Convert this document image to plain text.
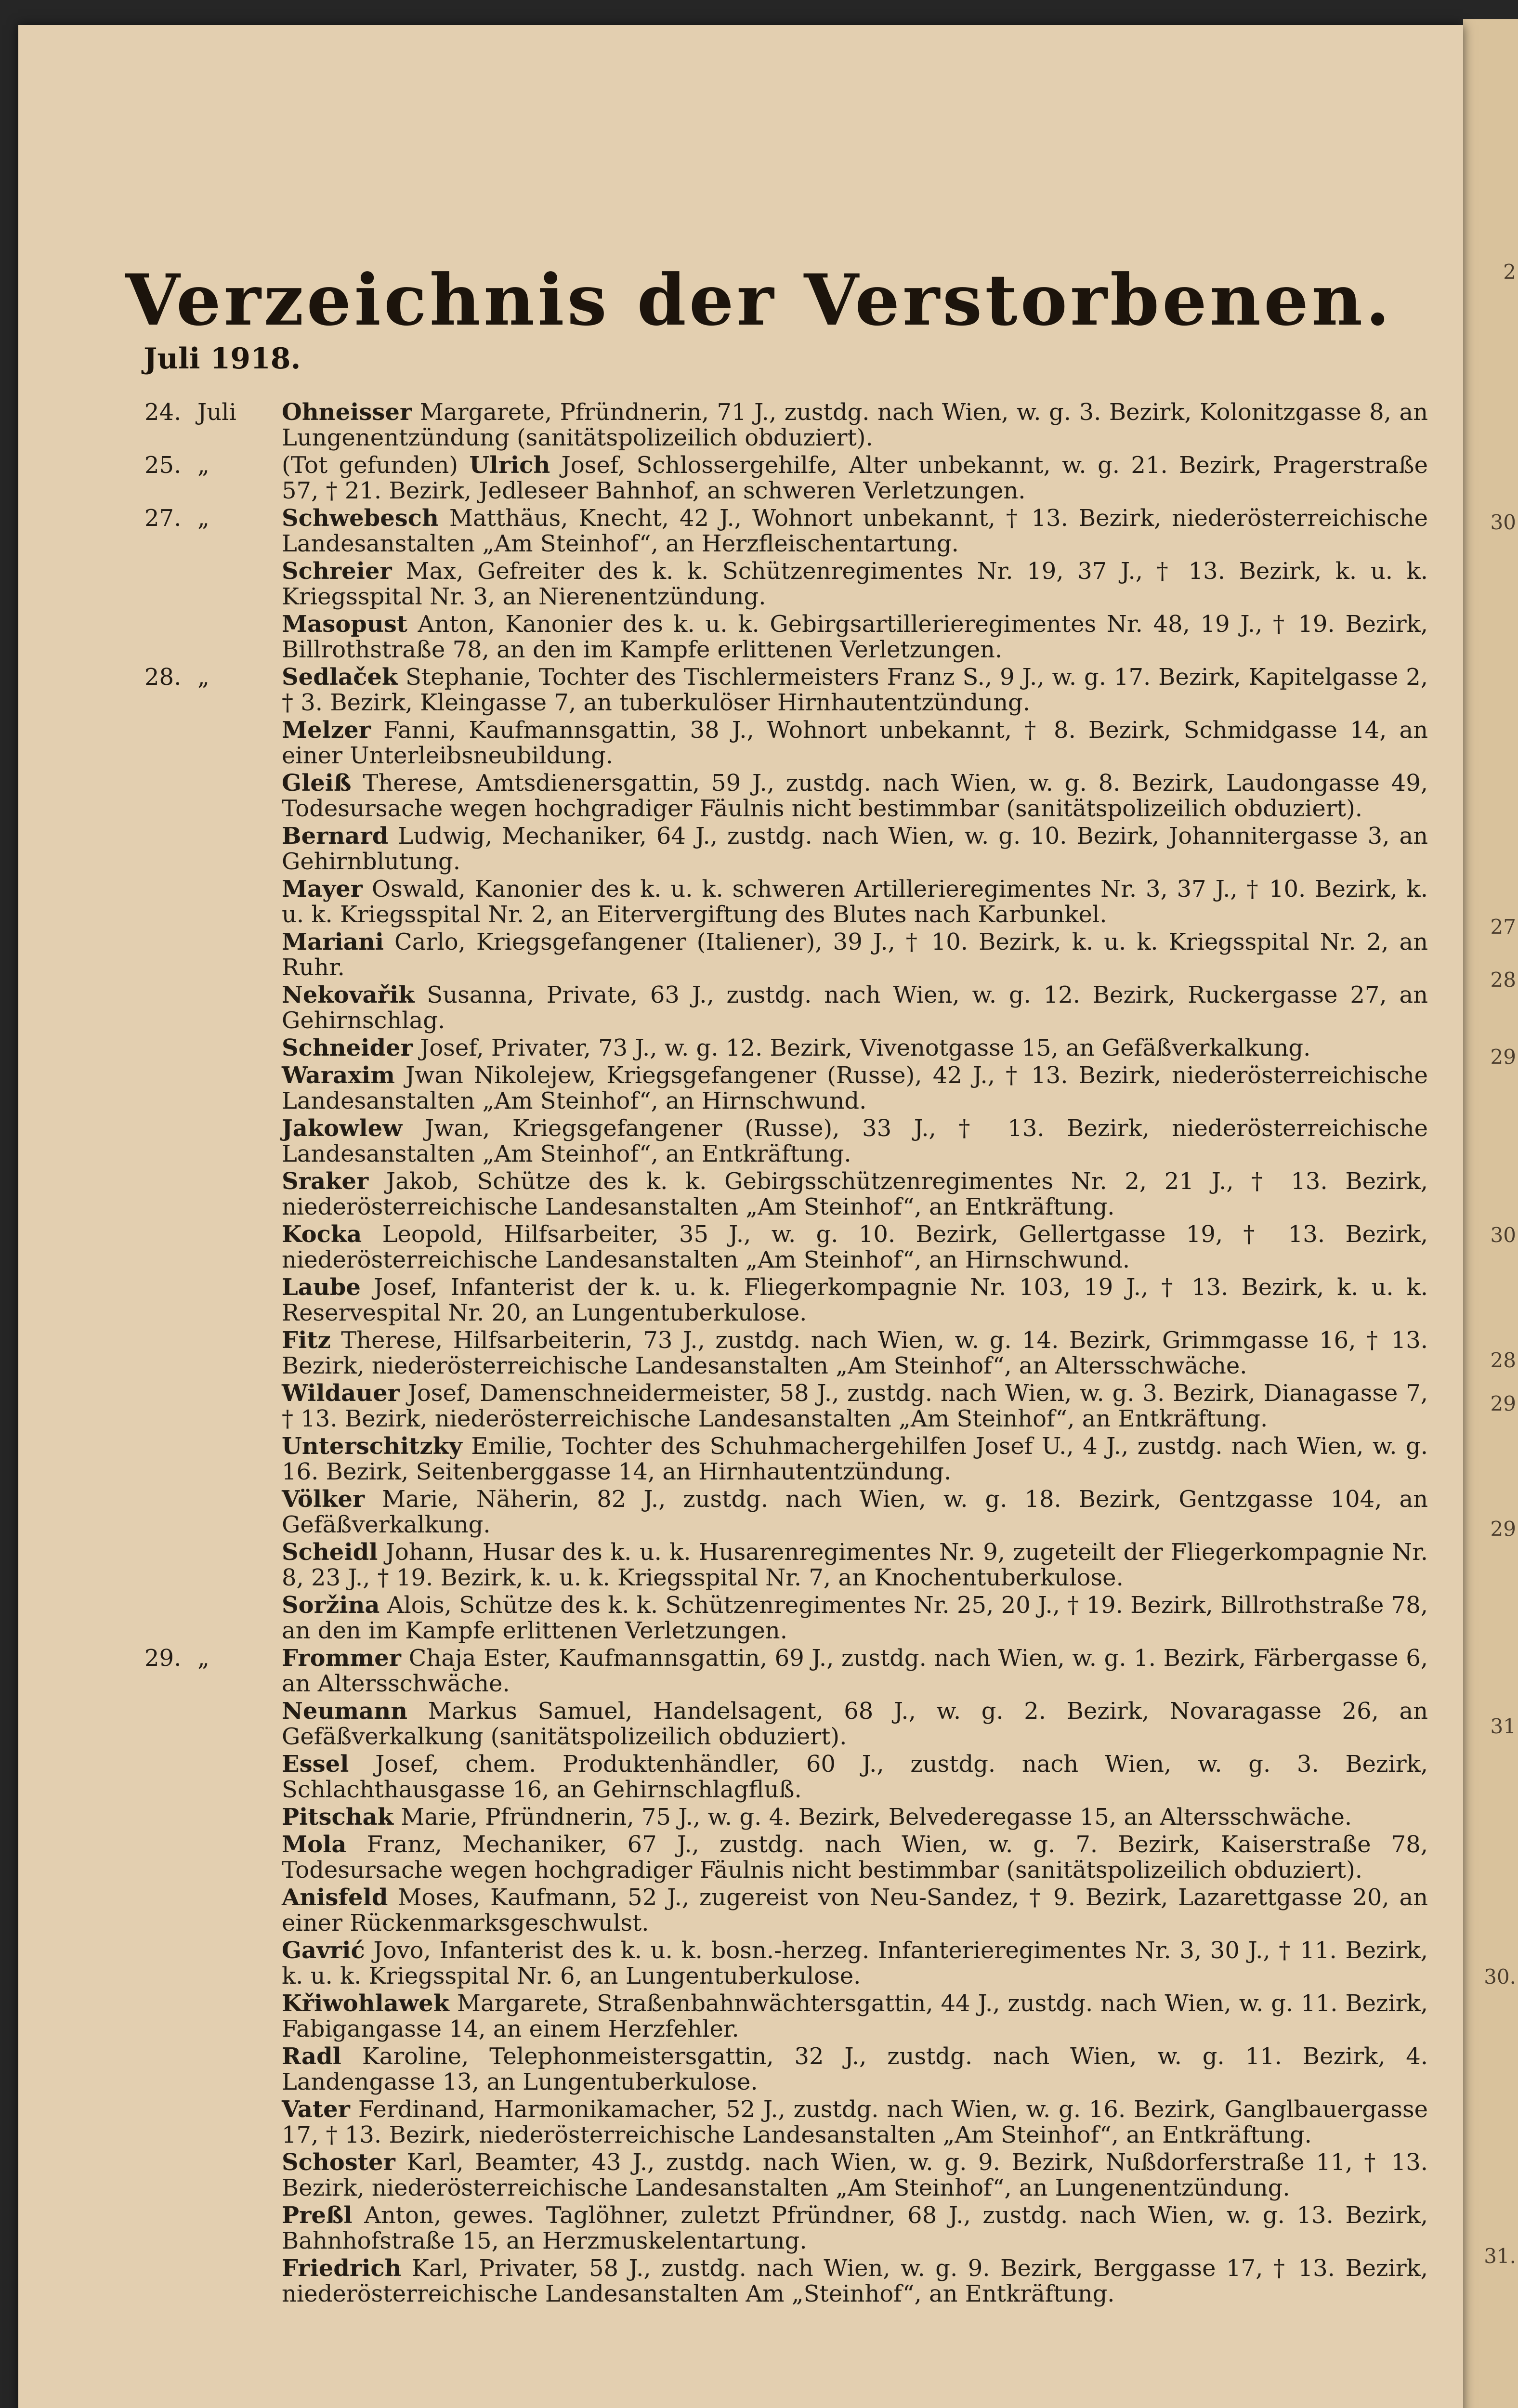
2
30
27
28
29
30
28
29
29
31
30.
31.
Verzeichnis der Verstorbenen.
Juli 1918.
24. Juli	Ohneisser Margarete, Pfründnerin, 71 J., zustdg. nach Wien, w. g. 3. Bezirk, Kolonitzgasse 8, an Lungenentzündung (sanitätspolizeilich obduziert).
25. „	(Tot gefunden) Ulrich Josef, Schlossergehilfe, Alter unbekannt, w. g. 21. Bezirk, Pragerstraße 57, † 21. Bezirk, Jedleseer Bahnhof, an schweren Verletzungen.
27. „	Schwebesch Matthäus, Knecht, 42 J., Wohnort unbekannt, † 13. Bezirk, niederösterreichische Landesanstalten „Am Steinhof“, an Herzfleischentartung.
Schreier Max, Gefreiter des k. k. Schützenregimentes Nr. 19, 37 J., † 13. Bezirk, k. u. k. Kriegsspital Nr. 3, an Nierenentzündung.
Masopust Anton, Kanonier des k. u. k. Gebirgsartillerieregimentes Nr. 48, 19 J., † 19. Bezirk, Billrothstraße 78, an den im Kampfe erlittenen Verletzungen.
28. „	Sedlaček Stephanie, Tochter des Tischlermeisters Franz S., 9 J., w. g. 17. Bezirk, Kapitelgasse 2, † 3. Bezirk, Kleingasse 7, an tuberkulöser Hirnhautentzündung.
Melzer Fanni, Kaufmannsgattin, 38 J., Wohnort unbekannt, † 8. Bezirk, Schmidgasse 14, an einer Unterleibsneubildung.
Gleiß Therese, Amtsdienersgattin, 59 J., zustdg. nach Wien, w. g. 8. Bezirk, Laudongasse 49, Todesursache wegen hochgradiger Fäulnis nicht bestimmbar (sanitätspolizeilich obduziert).
Bernard Ludwig, Mechaniker, 64 J., zustdg. nach Wien, w. g. 10. Bezirk, Johannitergasse 3, an Gehirnblutung.
Mayer Oswald, Kanonier des k. u. k. schweren Artillerieregimentes Nr. 3, 37 J., † 10. Bezirk, k. u. k. Kriegsspital Nr. 2, an Eitervergiftung des Blutes nach Karbunkel.
Mariani Carlo, Kriegsgefangener (Italiener), 39 J., † 10. Bezirk, k. u. k. Kriegsspital Nr. 2, an Ruhr.
Nekovařik Susanna, Private, 63 J., zustdg. nach Wien, w. g. 12. Bezirk, Ruckergasse 27, an Gehirnschlag.
Schneider Josef, Privater, 73 J., w. g. 12. Bezirk, Vivenotgasse 15, an Gefäßverkalkung.
Waraxim Jwan Nikolejew, Kriegsgefangener (Russe), 42 J., † 13. Bezirk, niederösterreichische Landesanstalten „Am Steinhof“, an Hirnschwund.
Jakowlew Jwan, Kriegsgefangener (Russe), 33 J., † 13. Bezirk, niederösterreichische Landesanstalten „Am Steinhof“, an Entkräftung.
Sraker Jakob, Schütze des k. k. Gebirgsschützenregimentes Nr. 2, 21 J., † 13. Bezirk, niederösterreichische Landesanstalten „Am Steinhof“, an Entkräftung.
Kocka Leopold, Hilfsarbeiter, 35 J., w. g. 10. Bezirk, Gellertgasse 19, † 13. Bezirk, niederösterreichische Landesanstalten „Am Steinhof“, an Hirnschwund.
Laube Josef, Infanterist der k. u. k. Fliegerkompagnie Nr. 103, 19 J., † 13. Bezirk, k. u. k. Reservespital Nr. 20, an Lungentuberkulose.
Fitz Therese, Hilfsarbeiterin, 73 J., zustdg. nach Wien, w. g. 14. Bezirk, Grimmgasse 16, † 13. Bezirk, niederösterreichische Landesanstalten „Am Steinhof“, an Altersschwäche.
Wildauer Josef, Damenschneidermeister, 58 J., zustdg. nach Wien, w. g. 3. Bezirk, Dianagasse 7, † 13. Bezirk, niederösterreichische Landesanstalten „Am Steinhof“, an Entkräftung.
Unterschitzky Emilie, Tochter des Schuhmachergehilfen Josef U., 4 J., zustdg. nach Wien, w. g. 16. Bezirk, Seitenberggasse 14, an Hirnhautentzündung.
Völker Marie, Näherin, 82 J., zustdg. nach Wien, w. g. 18. Bezirk, Gentzgasse 104, an Gefäßverkalkung.
Scheidl Johann, Husar des k. u. k. Husarenregimentes Nr. 9, zugeteilt der Fliegerkompagnie Nr. 8, 23 J., † 19. Bezirk, k. u. k. Kriegsspital Nr. 7, an Knochentuberkulose.
Soržina Alois, Schütze des k. k. Schützenregimentes Nr. 25, 20 J., † 19. Bezirk, Billrothstraße 78, an den im Kampfe erlittenen Verletzungen.
29. „	Frommer Chaja Ester, Kaufmannsgattin, 69 J., zustdg. nach Wien, w. g. 1. Bezirk, Färbergasse 6, an Altersschwäche.
Neumann Markus Samuel, Handelsagent, 68 J., w. g. 2. Bezirk, Novaragasse 26, an Gefäßverkalkung (sanitätspolizeilich obduziert).
Essel Josef, chem. Produktenhändler, 60 J., zustdg. nach Wien, w. g. 3. Bezirk, Schlachthausgasse 16, an Gehirnschlagfluß.
Pitschak Marie, Pfründnerin, 75 J., w. g. 4. Bezirk, Belvederegasse 15, an Altersschwäche.
Mola Franz, Mechaniker, 67 J., zustdg. nach Wien, w. g. 7. Bezirk, Kaiserstraße 78, Todesursache wegen hochgradiger Fäulnis nicht bestimmbar (sanitätspolizeilich obduziert).
Anisfeld Moses, Kaufmann, 52 J., zugereist von Neu-Sandez, † 9. Bezirk, Lazarettgasse 20, an einer Rückenmarksgeschwulst.
Gavrić Jovo, Infanterist des k. u. k. bosn.-herzeg. Infanterieregimentes Nr. 3, 30 J., † 11. Bezirk, k. u. k. Kriegsspital Nr. 6, an Lungentuberkulose.
Křiwohlawek Margarete, Straßenbahnwächtersgattin, 44 J., zustdg. nach Wien, w. g. 11. Bezirk, Fabigangasse 14, an einem Herzfehler.
Radl Karoline, Telephonmeistersgattin, 32 J., zustdg. nach Wien, w. g. 11. Bezirk, 4. Landengasse 13, an Lungentuberkulose.
Vater Ferdinand, Harmonikamacher, 52 J., zustdg. nach Wien, w. g. 16. Bezirk, Ganglbauergasse 17, † 13. Bezirk, niederösterreichische Landesanstalten „Am Steinhof“, an Entkräftung.
Schoster Karl, Beamter, 43 J., zustdg. nach Wien, w. g. 9. Bezirk, Nußdorferstraße 11, † 13. Bezirk, niederösterreichische Landesanstalten „Am Steinhof“, an Lungenentzündung.
Preßl Anton, gewes. Taglöhner, zuletzt Pfründner, 68 J., zustdg. nach Wien, w. g. 13. Bezirk, Bahnhofstraße 15, an Herzmuskelentartung.
Friedrich Karl, Privater, 58 J., zustdg. nach Wien, w. g. 9. Bezirk, Berggasse 17, † 13. Bezirk, niederösterreichische Landesanstalten Am „Steinhof“, an Entkräftung.
